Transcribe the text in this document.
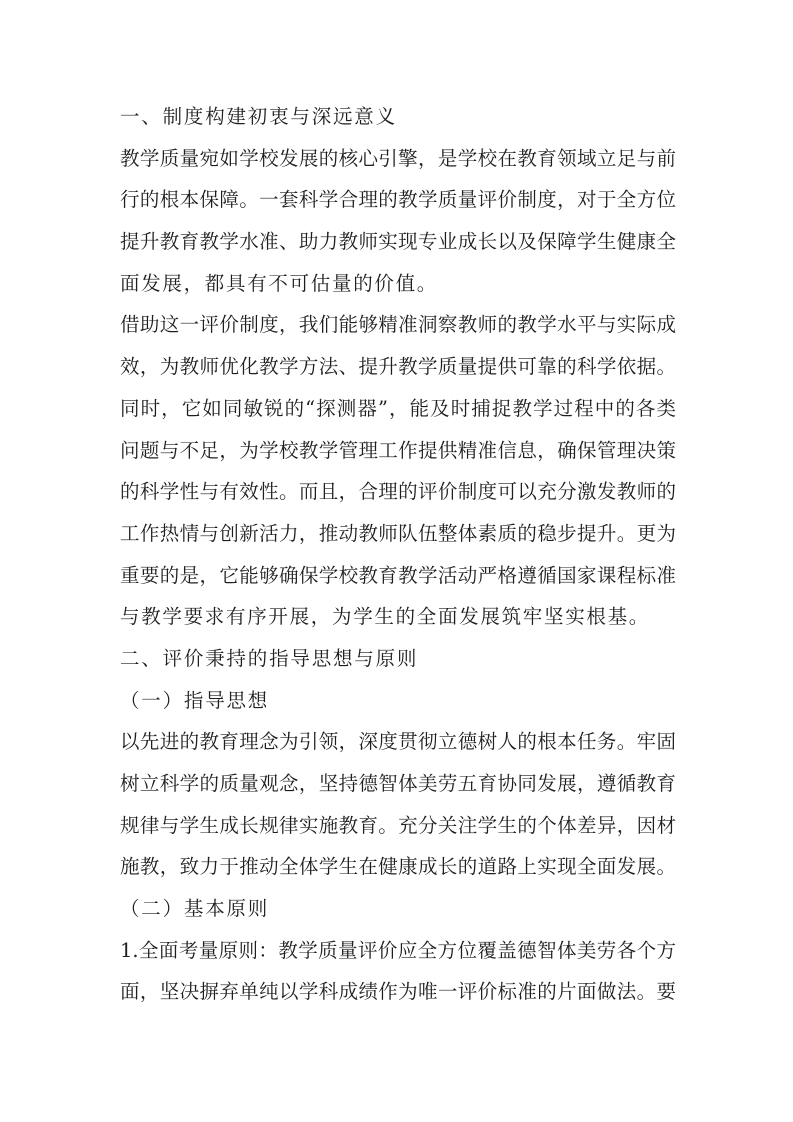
一、制度构建初衷与深远意义
教学质量宛如学校发展的核心引擎，是学校在教育领域立足与前
行的根本保障。一套科学合理的教学质量评价制度，对于全方位
提升教育教学水准、助力教师实现专业成长以及保障学生健康全
面发展，都具有不可估量的价值。
借助这一评价制度，我们能够精准洞察教师的教学水平与实际成
效，为教师优化教学方法、提升教学质量提供可靠的科学依据。
同时，它如同敏锐的“探测器”，能及时捕捉教学过程中的各类
问题与不足，为学校教学管理工作提供精准信息，确保管理决策
的科学性与有效性。而且，合理的评价制度可以充分激发教师的
工作热情与创新活力，推动教师队伍整体素质的稳步提升。更为
重要的是，它能够确保学校教育教学活动严格遵循国家课程标准
与教学要求有序开展，为学生的全面发展筑牢坚实根基。
二、评价秉持的指导思想与原则
（一）指导思想
以先进的教育理念为引领，深度贯彻立德树人的根本任务。牢固
树立科学的质量观念，坚持德智体美劳五育协同发展，遵循教育
规律与学生成长规律实施教育。充分关注学生的个体差异，因材
施教，致力于推动全体学生在健康成长的道路上实现全面发展。
（二）基本原则
1.全面考量原则：教学质量评价应全方位覆盖德智体美劳各个方
面，坚决摒弃单纯以学科成绩作为唯一评价标准的片面做法。要
